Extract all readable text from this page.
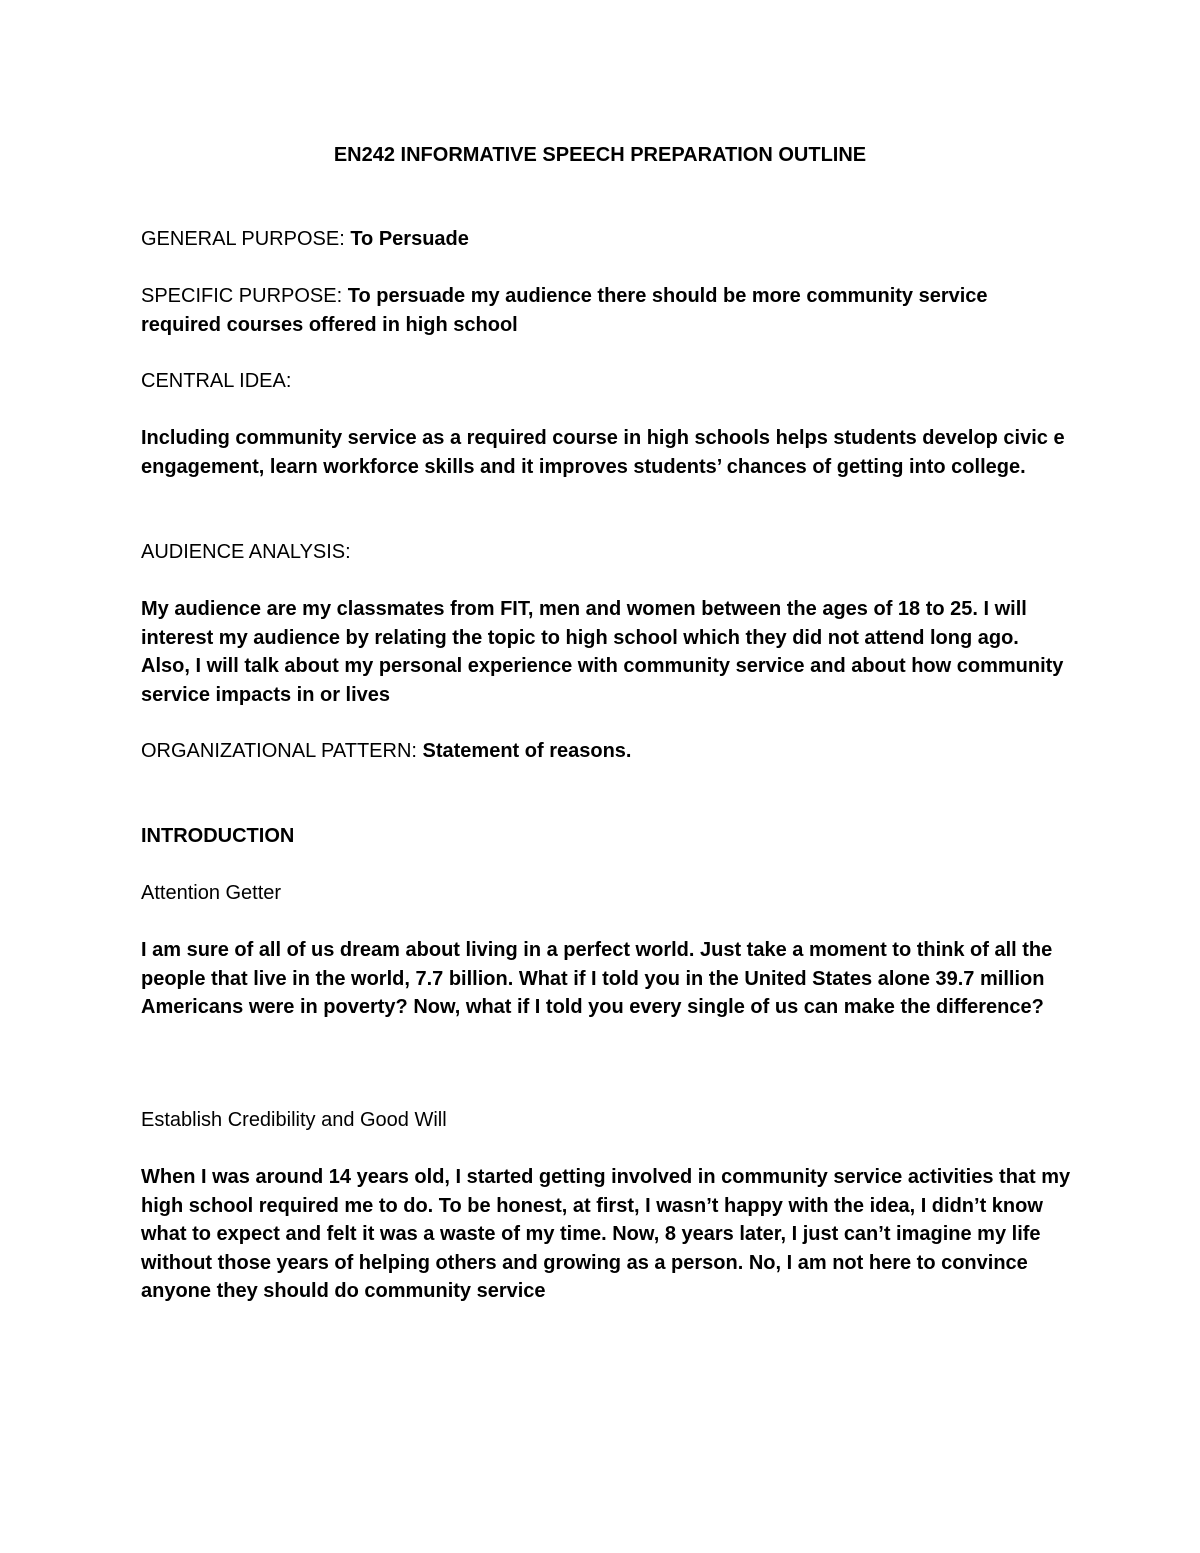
EN242 INFORMATIVE SPEECH PREPARATION OUTLINE
GENERAL PURPOSE: To Persuade
SPECIFIC PURPOSE: To persuade my audience there should be more community service required courses offered in high school
CENTRAL IDEA:
Including community service as a required course in high schools helps students develop civic e engagement, learn workforce skills and it improves students’ chances of getting into college.
AUDIENCE ANALYSIS:
My audience are my classmates from FIT, men and women between the ages of 18 to 25. I will interest my audience by relating the topic to high school which they did not attend long ago. Also, I will talk about my personal experience with community service and about how community service impacts in or lives
ORGANIZATIONAL PATTERN: Statement of reasons.
INTRODUCTION
Attention Getter
I am sure of all of us dream about living in a perfect world. Just take a moment to think of all the people that live in the world, 7.7 billion. What if I told you in the United States alone 39.7 million Americans were in poverty? Now, what if I told you every single of us can make the difference?
Establish Credibility and Good Will
When I was around 14 years old, I started getting involved in community service activities that my high school required me to do. To be honest, at first, I wasn’t happy with the idea, I didn’t know what to expect and felt it was a waste of my time. Now, 8 years later, I just can’t imagine my life without those years of helping others and growing as a person. No, I am not here to convince anyone they should do community service
